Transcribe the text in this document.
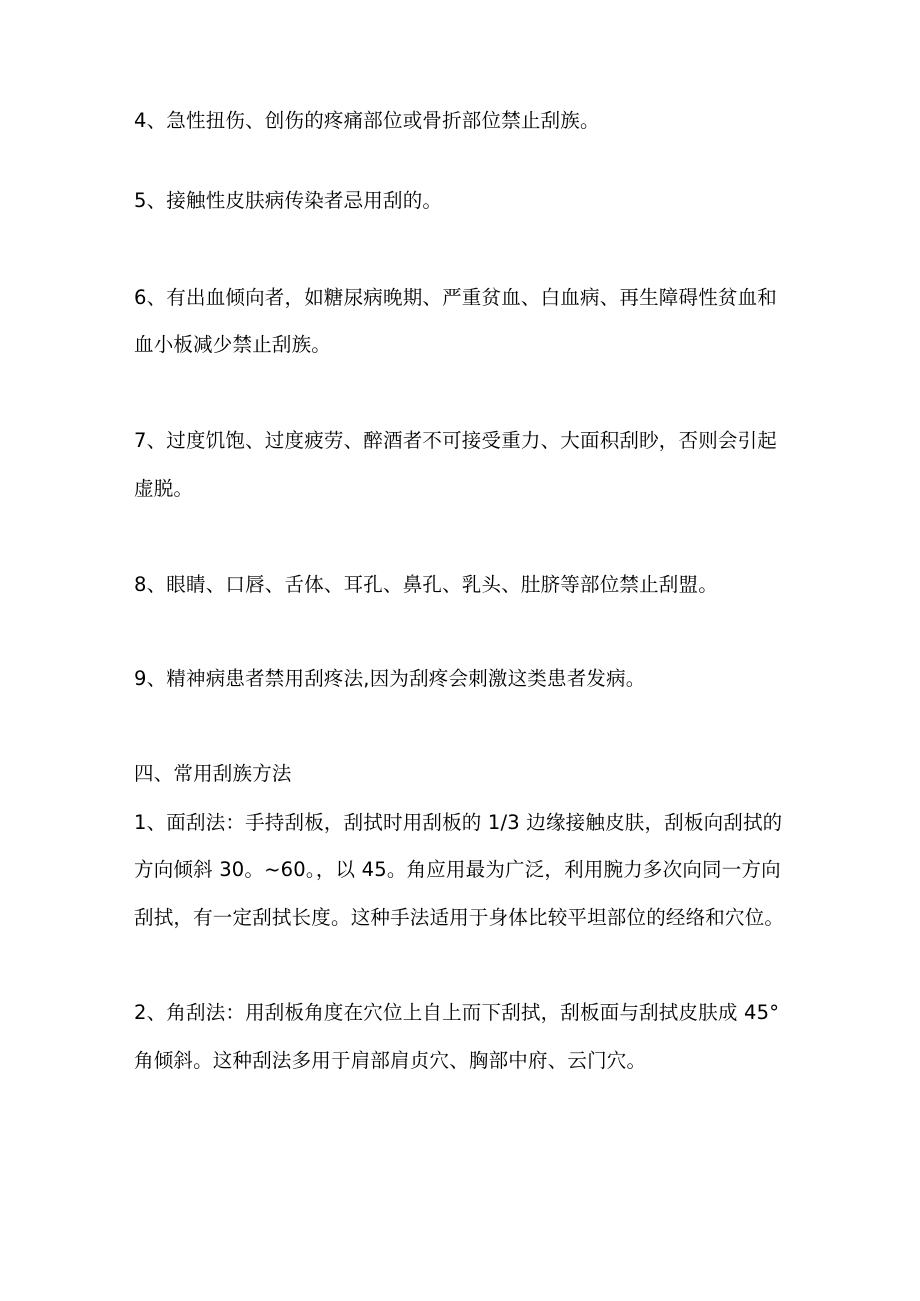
4、急性扭伤、创伤的疼痛部位或骨折部位禁止刮族。
5、接触性皮肤病传染者忌用刮的。
6、有出血倾向者，如糖尿病晚期、严重贫血、白血病、再生障碍性贫血和
血小板减少禁止刮族。
7、过度饥饱、过度疲劳、醉酒者不可接受重力、大面积刮眇，否则会引起
虚脱。
8、眼睛、口唇、舌体、耳孔、鼻孔、乳头、肚脐等部位禁止刮盟。
9、精神病患者禁用刮疼法,因为刮疼会刺激这类患者发病。
四、常用刮族方法
1、面刮法：手持刮板，刮拭时用刮板的 1/3 边缘接触皮肤，刮板向刮拭的
方向倾斜 30。~60。，以 45。角应用最为广泛，利用腕力多次向同一方向
刮拭，有一定刮拭长度。这种手法适用于身体比较平坦部位的经络和穴位。
2、角刮法：用刮板角度在穴位上自上而下刮拭，刮板面与刮拭皮肤成 45°
角倾斜。这种刮法多用于肩部肩贞穴、胸部中府、云门穴。
